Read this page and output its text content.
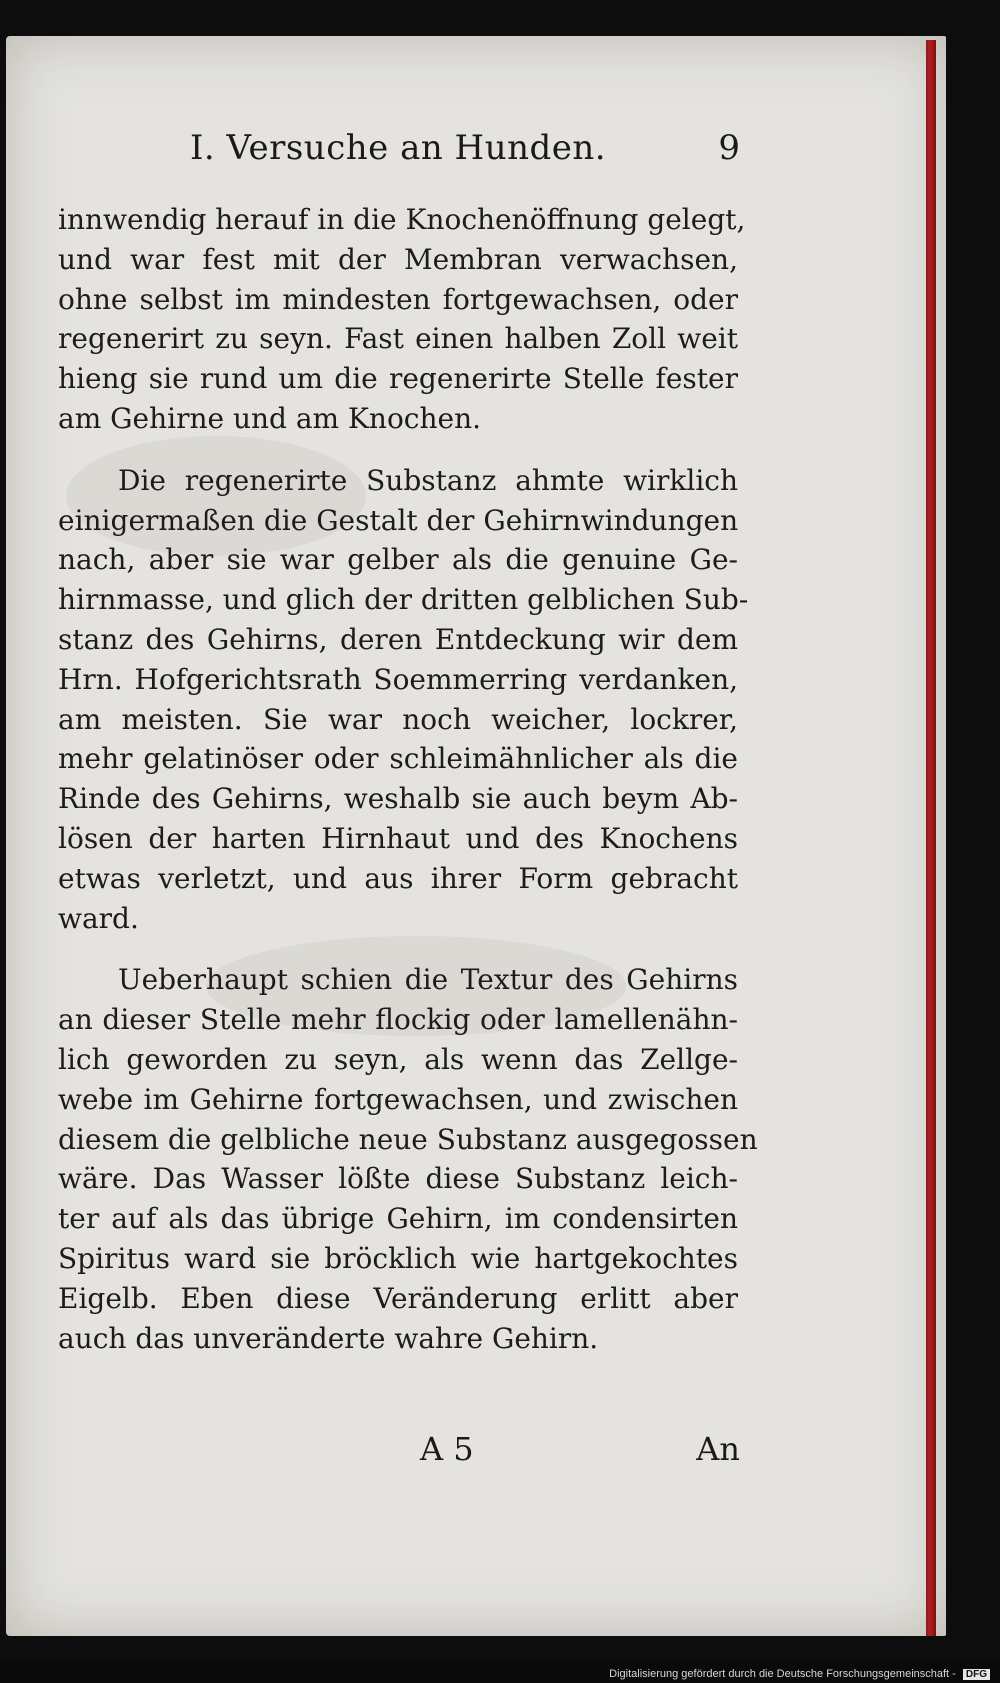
I. Versuche an Hunden.	9
innwendig herauf in die Knochenöffnung gelegt,
und war fest mit der Membran verwachsen,
ohne selbst im mindesten fortgewachsen, oder
regenerirt zu seyn. Fast einen halben Zoll weit
hieng sie rund um die regenerirte Stelle fester
am Gehirne und am Knochen.
Die regenerirte Substanz ahmte wirklich
einigermaßen die Gestalt der Gehirnwindungen
nach, aber sie war gelber als die genuine Ge-
hirnmasse, und glich der dritten gelblichen Sub-
stanz des Gehirns, deren Entdeckung wir dem
Hrn. Hofgerichtsrath Soemmerring verdanken,
am meisten. Sie war noch weicher, lockrer,
mehr gelatinöser oder schleimähnlicher als die
Rinde des Gehirns, weshalb sie auch beym Ab-
lösen der harten Hirnhaut und des Knochens
etwas verletzt, und aus ihrer Form gebracht
ward.
Ueberhaupt schien die Textur des Gehirns
an dieser Stelle mehr flockig oder lamellenähn-
lich geworden zu seyn, als wenn das Zellge-
webe im Gehirne fortgewachsen, und zwischen
diesem die gelbliche neue Substanz ausgegossen
wäre. Das Wasser lößte diese Substanz leich-
ter auf als das übrige Gehirn, im condensirten
Spiritus ward sie bröcklich wie hartgekochtes
Eigelb. Eben diese Veränderung erlitt aber
auch das unveränderte wahre Gehirn.
A 5	An
Digitalisierung gefördert durch die Deutsche Forschungsgemeinschaft - DFG
